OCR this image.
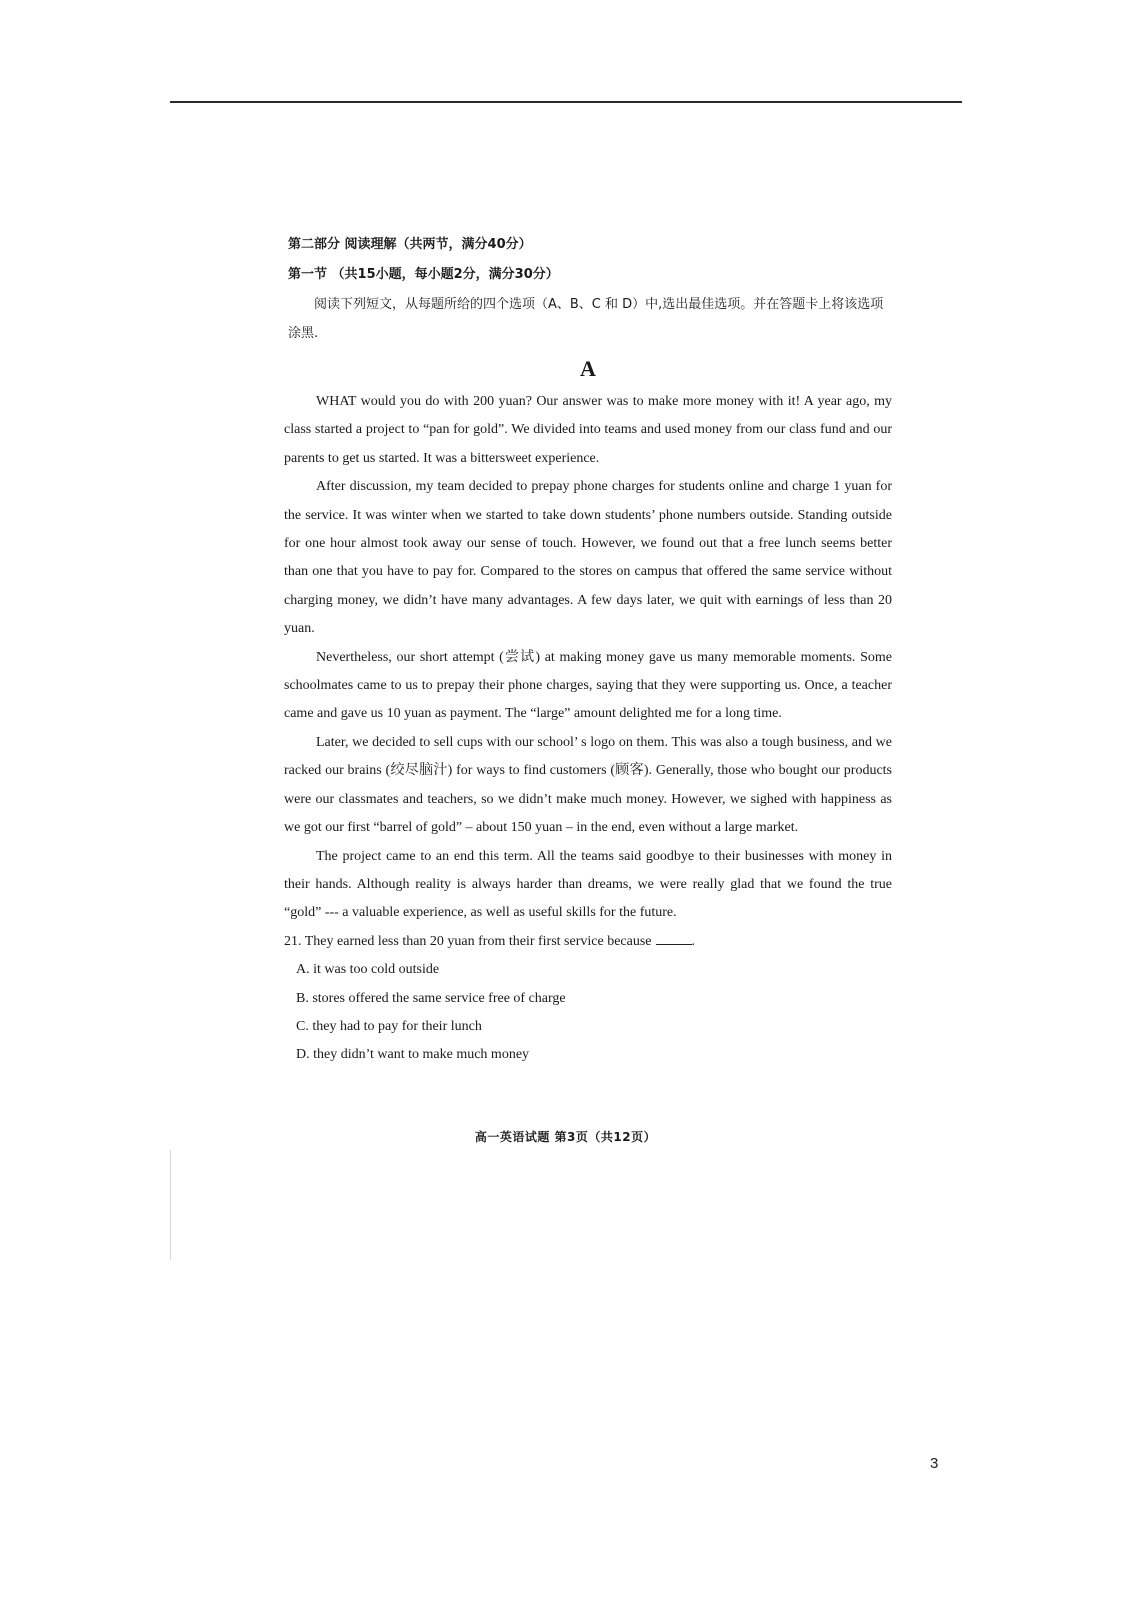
第二部分 阅读理解（共两节，满分40分）

第一节 （共15小题，每小题2分，满分30分）

阅读下列短文，从每题所给的四个选项（A、B、C 和 D）中,选出最佳选项。并在答题卡上将该选项涂黑.

A

WHAT would you do with 200 yuan? Our answer was to make more money with it! A year ago, my class started a project to “pan for gold”. We divided into teams and used money from our class fund and our parents to get us started. It was a bittersweet experience.

After discussion, my team decided to prepay phone charges for students online and charge 1 yuan for the service. It was winter when we started to take down students’ phone numbers outside. Standing outside for one hour almost took away our sense of touch. However, we found out that a free lunch seems better than one that you have to pay for. Compared to the stores on campus that offered the same service without charging money, we didn’t have many advantages. A few days later, we quit with earnings of less than 20 yuan.

Nevertheless, our short attempt (尝试) at making money gave us many memorable moments. Some schoolmates came to us to prepay their phone charges, saying that they were supporting us. Once, a teacher came and gave us 10 yuan as payment. The “large” amount delighted me for a long time.

Later, we decided to sell cups with our school’ s logo on them. This was also a tough business, and we racked our brains (绞尽脑汁) for ways to find customers (顾客). Generally, those who bought our products were our classmates and teachers, so we didn’t make much money. However, we sighed with happiness as we got our first “barrel of gold” – about 150 yuan – in the end, even without a large market.

The project came to an end this term. All the teams said goodbye to their businesses with money in their hands. Although reality is always harder than dreams, we were really glad that we found the true “gold” --- a valuable experience, as well as useful skills for the future.

21. They earned less than 20 yuan from their first service because	.

A. it was too cold outside
B. stores offered the same service free of charge
C. they had to pay for their lunch
D. they didn’t want to make much money
高一英语试题 第3页（共12页）
3
